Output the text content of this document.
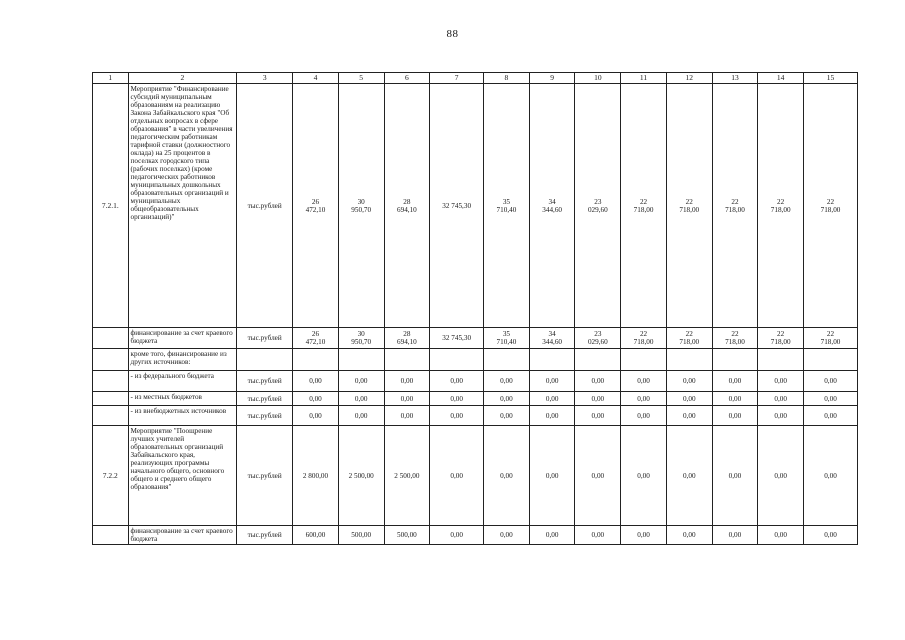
88
1	2	3	4	5	6	7	8	9	10	11	12	13	14	15
7.2.1.	Мероприятие "Финансирование субсидий муниципальным образованиям на реализацию Закона Забайкальского края "Об отдельных вопросах в сфере образования" в части увеличения педагогическим работникам тарифной ставки (должностного оклада) на 25 процентов в поселках городского типа (рабочих поселках) (кроме педагогических работников муниципальных дошкольных образовательных организаций и муниципальных общеобразовательных организаций)"	тыс.рублей	26 472,10	30 950,70	28 694,10	32 745,30	35 710,40	34 344,60	23 029,60	22 718,00	22 718,00	22 718,00	22 718,00	22 718,00
	финансирование за счет краевого бюджета	тыс.рублей	26 472,10	30 950,70	28 694,10	32 745,30	35 710,40	34 344,60	23 029,60	22 718,00	22 718,00	22 718,00	22 718,00	22 718,00
	кроме того, финансирование из других источников:													
	- из федерального бюджета	тыс.рублей	0,00	0,00	0,00	0,00	0,00	0,00	0,00	0,00	0,00	0,00	0,00	0,00
	- из местных бюджетов	тыс.рублей	0,00	0,00	0,00	0,00	0,00	0,00	0,00	0,00	0,00	0,00	0,00	0,00
	- из внебюджетных источников	тыс.рублей	0,00	0,00	0,00	0,00	0,00	0,00	0,00	0,00	0,00	0,00	0,00	0,00
7.2.2	Мероприятие "Поощрение лучших учителей образовательных организаций Забайкальского края, реализующих программы начального общего, основного общего и среднего общего образования"	тыс.рублей	2 800,00	2 500,00	2 500,00	0,00	0,00	0,00	0,00	0,00	0,00	0,00	0,00	0,00
	финансирование за счет краевого бюджета	тыс.рублей	600,00	500,00	500,00	0,00	0,00	0,00	0,00	0,00	0,00	0,00	0,00	0,00
